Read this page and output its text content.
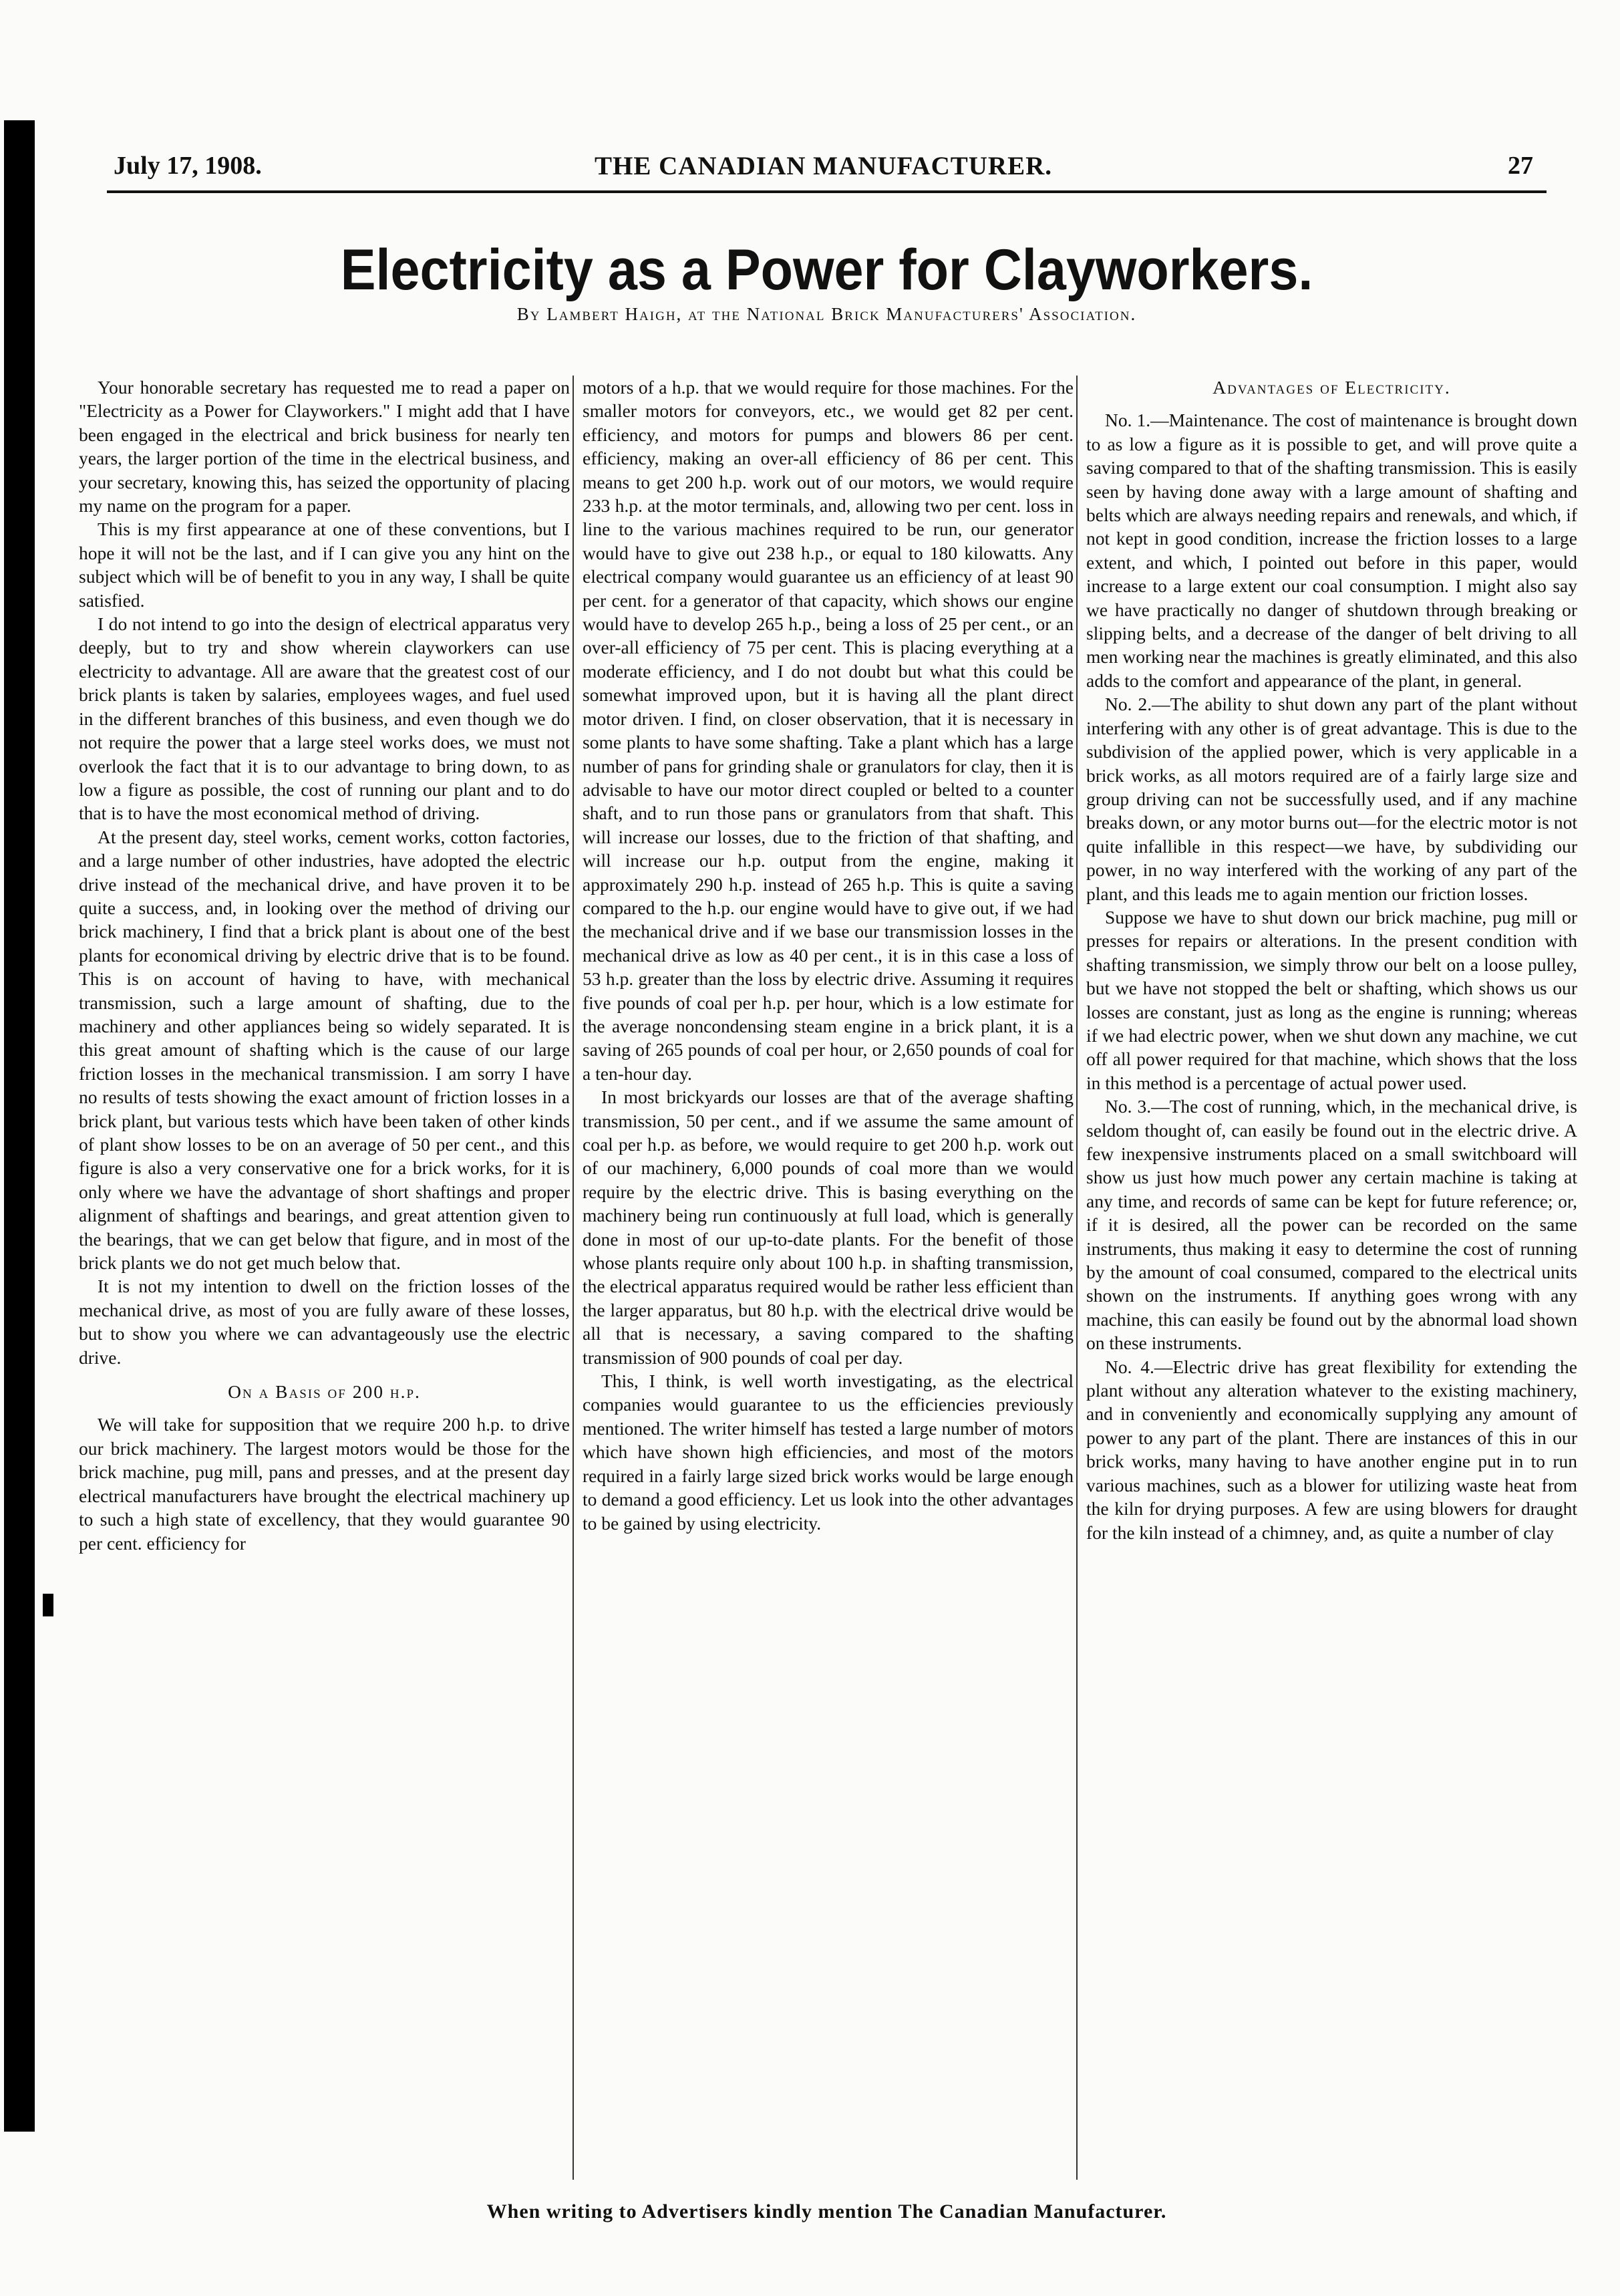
July 17, 1908.	THE CANADIAN MANUFACTURER.	27
Electricity as a Power for Clayworkers.
By Lambert Haigh, at the National Brick Manufacturers' Association.

Your honorable secretary has requested me to read a paper on "Electricity as a Power for Clayworkers." I might add that I have been engaged in the electrical and brick business for nearly ten years, the larger portion of the time in the electrical business, and your secretary, knowing this, has seized the opportunity of placing my name on the program for a paper.

This is my first appearance at one of these conventions, but I hope it will not be the last, and if I can give you any hint on the subject which will be of benefit to you in any way, I shall be quite satisfied.

I do not intend to go into the design of electrical apparatus very deeply, but to try and show wherein clayworkers can use electricity to advantage. All are aware that the greatest cost of our brick plants is taken by salaries, employees wages, and fuel used in the different branches of this business, and even though we do not require the power that a large steel works does, we must not overlook the fact that it is to our advantage to bring down, to as low a figure as possible, the cost of running our plant and to do that is to have the most economical method of driving.

At the present day, steel works, cement works, cotton factories, and a large number of other industries, have adopted the electric drive instead of the mechanical drive, and have proven it to be quite a success, and, in looking over the method of driving our brick machinery, I find that a brick plant is about one of the best plants for economical driving by electric drive that is to be found. This is on account of having to have, with mechanical transmission, such a large amount of shafting, due to the machinery and other appliances being so widely separated. It is this great amount of shafting which is the cause of our large friction losses in the mechanical transmission. I am sorry I have no results of tests showing the exact amount of friction losses in a brick plant, but various tests which have been taken of other kinds of plant show losses to be on an average of 50 per cent., and this figure is also a very conservative one for a brick works, for it is only where we have the advantage of short shaftings and proper alignment of shaftings and bearings, and great attention given to the bearings, that we can get below that figure, and in most of the brick plants we do not get much below that.

It is not my intention to dwell on the friction losses of the mechanical drive, as most of you are fully aware of these losses, but to show you where we can advantageously use the electric drive.

On a Basis of 200 h.p.

We will take for supposition that we require 200 h.p. to drive our brick machinery. The largest motors would be those for the brick machine, pug mill, pans and presses, and at the present day electrical manufacturers have brought the electrical machinery up to such a high state of excellency, that they would guarantee 90 per cent. efficiency for

motors of a h.p. that we would require for those machines. For the smaller motors for conveyors, etc., we would get 82 per cent. efficiency, and motors for pumps and blowers 86 per cent. efficiency, making an over-all efficiency of 86 per cent. This means to get 200 h.p. work out of our motors, we would require 233 h.p. at the motor terminals, and, allowing two per cent. loss in line to the various machines required to be run, our generator would have to give out 238 h.p., or equal to 180 kilowatts. Any electrical company would guarantee us an efficiency of at least 90 per cent. for a generator of that capacity, which shows our engine would have to develop 265 h.p., being a loss of 25 per cent., or an over-all efficiency of 75 per cent. This is placing everything at a moderate efficiency, and I do not doubt but what this could be somewhat improved upon, but it is having all the plant direct motor driven. I find, on closer observation, that it is necessary in some plants to have some shafting. Take a plant which has a large number of pans for grinding shale or granulators for clay, then it is advisable to have our motor direct coupled or belted to a counter shaft, and to run those pans or granulators from that shaft. This will increase our losses, due to the friction of that shafting, and will increase our h.p. output from the engine, making it approximately 290 h.p. instead of 265 h.p. This is quite a saving compared to the h.p. our engine would have to give out, if we had the mechanical drive and if we base our transmission losses in the mechanical drive as low as 40 per cent., it is in this case a loss of 53 h.p. greater than the loss by electric drive. Assuming it requires five pounds of coal per h.p. per hour, which is a low estimate for the average noncondensing steam engine in a brick plant, it is a saving of 265 pounds of coal per hour, or 2,650 pounds of coal for a ten-hour day.

In most brickyards our losses are that of the average shafting transmission, 50 per cent., and if we assume the same amount of coal per h.p. as before, we would require to get 200 h.p. work out of our machinery, 6,000 pounds of coal more than we would require by the electric drive. This is basing everything on the machinery being run continuously at full load, which is generally done in most of our up-to-date plants. For the benefit of those whose plants require only about 100 h.p. in shafting transmission, the electrical apparatus required would be rather less efficient than the larger apparatus, but 80 h.p. with the electrical drive would be all that is necessary, a saving compared to the shafting transmission of 900 pounds of coal per day.

This, I think, is well worth investigating, as the electrical companies would guarantee to us the efficiencies previously mentioned. The writer himself has tested a large number of motors which have shown high efficiencies, and most of the motors required in a fairly large sized brick works would be large enough to demand a good efficiency. Let us look into the other advantages to be gained by using electricity.

Advantages of Electricity.

No. 1.—Maintenance. The cost of maintenance is brought down to as low a figure as it is possible to get, and will prove quite a saving compared to that of the shafting transmission. This is easily seen by having done away with a large amount of shafting and belts which are always needing repairs and renewals, and which, if not kept in good condition, increase the friction losses to a large extent, and which, I pointed out before in this paper, would increase to a large extent our coal consumption. I might also say we have practically no danger of shutdown through breaking or slipping belts, and a decrease of the danger of belt driving to all men working near the machines is greatly eliminated, and this also adds to the comfort and appearance of the plant, in general.

No. 2.—The ability to shut down any part of the plant without interfering with any other is of great advantage. This is due to the subdivision of the applied power, which is very applicable in a brick works, as all motors required are of a fairly large size and group driving can not be successfully used, and if any machine breaks down, or any motor burns out—for the electric motor is not quite infallible in this respect—we have, by subdividing our power, in no way interfered with the working of any part of the plant, and this leads me to again mention our friction losses.

Suppose we have to shut down our brick machine, pug mill or presses for repairs or alterations. In the present condition with shafting transmission, we simply throw our belt on a loose pulley, but we have not stopped the belt or shafting, which shows us our losses are constant, just as long as the engine is running; whereas if we had electric power, when we shut down any machine, we cut off all power required for that machine, which shows that the loss in this method is a percentage of actual power used.

No. 3.—The cost of running, which, in the mechanical drive, is seldom thought of, can easily be found out in the electric drive. A few inexpensive instruments placed on a small switchboard will show us just how much power any certain machine is taking at any time, and records of same can be kept for future reference; or, if it is desired, all the power can be recorded on the same instruments, thus making it easy to determine the cost of running by the amount of coal consumed, compared to the electrical units shown on the instruments. If anything goes wrong with any machine, this can easily be found out by the abnormal load shown on these instruments.

No. 4.—Electric drive has great flexibility for extending the plant without any alteration whatever to the existing machinery, and in conveniently and economically supplying any amount of power to any part of the plant. There are instances of this in our brick works, many having to have another engine put in to run various machines, such as a blower for utilizing waste heat from the kiln for drying purposes. A few are using blowers for draught for the kiln instead of a chimney, and, as quite a number of clay

When writing to Advertisers kindly mention The Canadian Manufacturer.
